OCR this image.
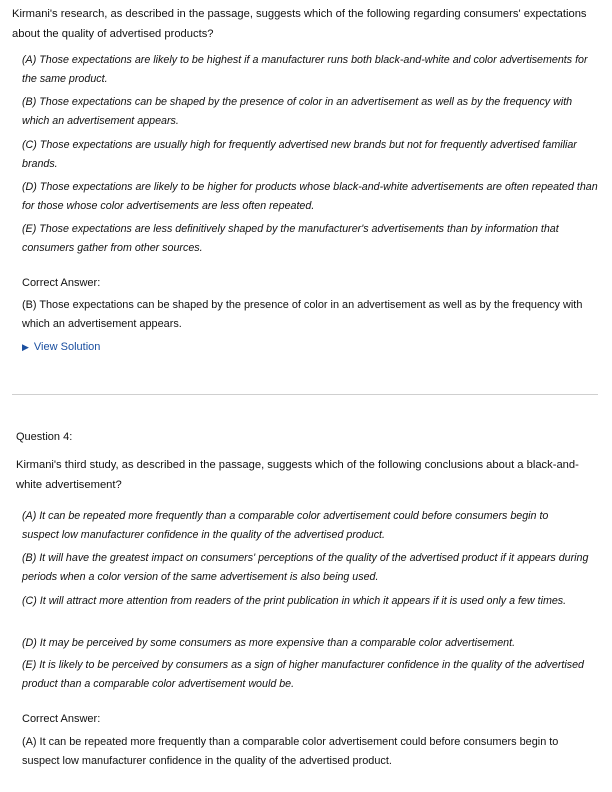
Kirmani's research, as described in the passage, suggests which of the following regarding consumers' expectations about the quality of advertised products?

(A) Those expectations are likely to be highest if a manufacturer runs both black-and-white and color advertisements for the same product.

(B) Those expectations can be shaped by the presence of color in an advertisement as well as by the frequency with which an advertisement appears.

(C) Those expectations are usually high for frequently advertised new brands but not for frequently advertised familiar brands.

(D) Those expectations are likely to be higher for products whose black-and-white advertisements are often repeated than for those whose color advertisements are less often repeated.

(E) Those expectations are less definitively shaped by the manufacturer's advertisements than by information that consumers gather from other sources.

Correct Answer:

(B) Those expectations can be shaped by the presence of color in an advertisement as well as by the frequency with which an advertisement appears.

▶ View Solution

Question 4:

Kirmani's third study, as described in the passage, suggests which of the following conclusions about a black-and-white advertisement?

(A) It can be repeated more frequently than a comparable color advertisement could before consumers begin to suspect low manufacturer confidence in the quality of the advertised product.

(B) It will have the greatest impact on consumers' perceptions of the quality of the advertised product if it appears during periods when a color version of the same advertisement is also being used.

(C) It will attract more attention from readers of the print publication in which it appears if it is used only a few times.

(D) It may be perceived by some consumers as more expensive than a comparable color advertisement.

(E) It is likely to be perceived by consumers as a sign of higher manufacturer confidence in the quality of the advertised product than a comparable color advertisement would be.

Correct Answer:

(A) It can be repeated more frequently than a comparable color advertisement could before consumers begin to suspect low manufacturer confidence in the quality of the advertised product.
